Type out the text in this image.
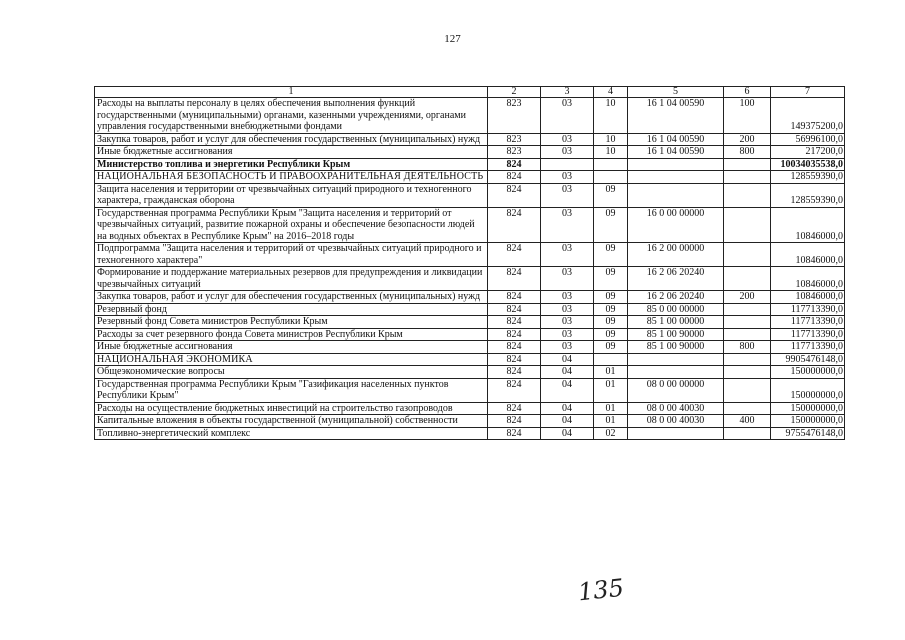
127
1	2	3	4	5	6	7
Расходы на выплаты персоналу в целях обеспечения выполнения функций государственными (муниципальными) органами, казенными учреждениями, органами управления государственными внебюджетными фондами	823	03	10	16 1 04 00590	100	149375200,0
Закупка товаров, работ и услуг для обеспечения государственных (муниципальных) нужд	823	03	10	16 1 04 00590	200	56996100,0
Иные бюджетные ассигнования	823	03	10	16 1 04 00590	800	217200,0
Министерство топлива и энергетики Республики Крым	824					10034035538,0
НАЦИОНАЛЬНАЯ БЕЗОПАСНОСТЬ И ПРАВООХРАНИТЕЛЬНАЯ ДЕЯТЕЛЬНОСТЬ	824	03				128559390,0
Защита населения и территории от чрезвычайных ситуаций природного и техногенного характера, гражданская оборона	824	03	09			128559390,0
Государственная программа Республики Крым "Защита населения и территорий от чрезвычайных ситуаций, развитие пожарной охраны и обеспечение безопасности людей на водных объектах в Республике Крым" на 2016–2018 годы	824	03	09	16 0 00 00000		10846000,0
Подпрограмма "Защита населения и территорий от чрезвычайных ситуаций природного и техногенного характера"	824	03	09	16 2 00 00000		10846000,0
Формирование и поддержание материальных резервов для предупреждения и ликвидации чрезвычайных ситуаций	824	03	09	16 2 06 20240		10846000,0
Закупка товаров, работ и услуг для обеспечения государственных (муниципальных) нужд	824	03	09	16 2 06 20240	200	10846000,0
Резервный фонд	824	03	09	85 0 00 00000		117713390,0
Резервный фонд Совета министров Республики Крым	824	03	09	85 1 00 00000		117713390,0
Расходы за счет резервного фонда Совета министров Республики Крым	824	03	09	85 1 00 90000		117713390,0
Иные бюджетные ассигнования	824	03	09	85 1 00 90000	800	117713390,0
НАЦИОНАЛЬНАЯ ЭКОНОМИКА	824	04				9905476148,0
Общеэкономические вопросы	824	04	01			150000000,0
Государственная программа Республики Крым "Газификация населенных пунктов Республики Крым"	824	04	01	08 0 00 00000		150000000,0
Расходы на осуществление бюджетных инвестиций на строительство газопроводов	824	04	01	08 0 00 40030		150000000,0
Капитальные вложения в объекты государственной (муниципальной) собственности	824	04	01	08 0 00 40030	400	150000000,0
Топливно-энергетический комплекс	824	04	02			9755476148,0
135
